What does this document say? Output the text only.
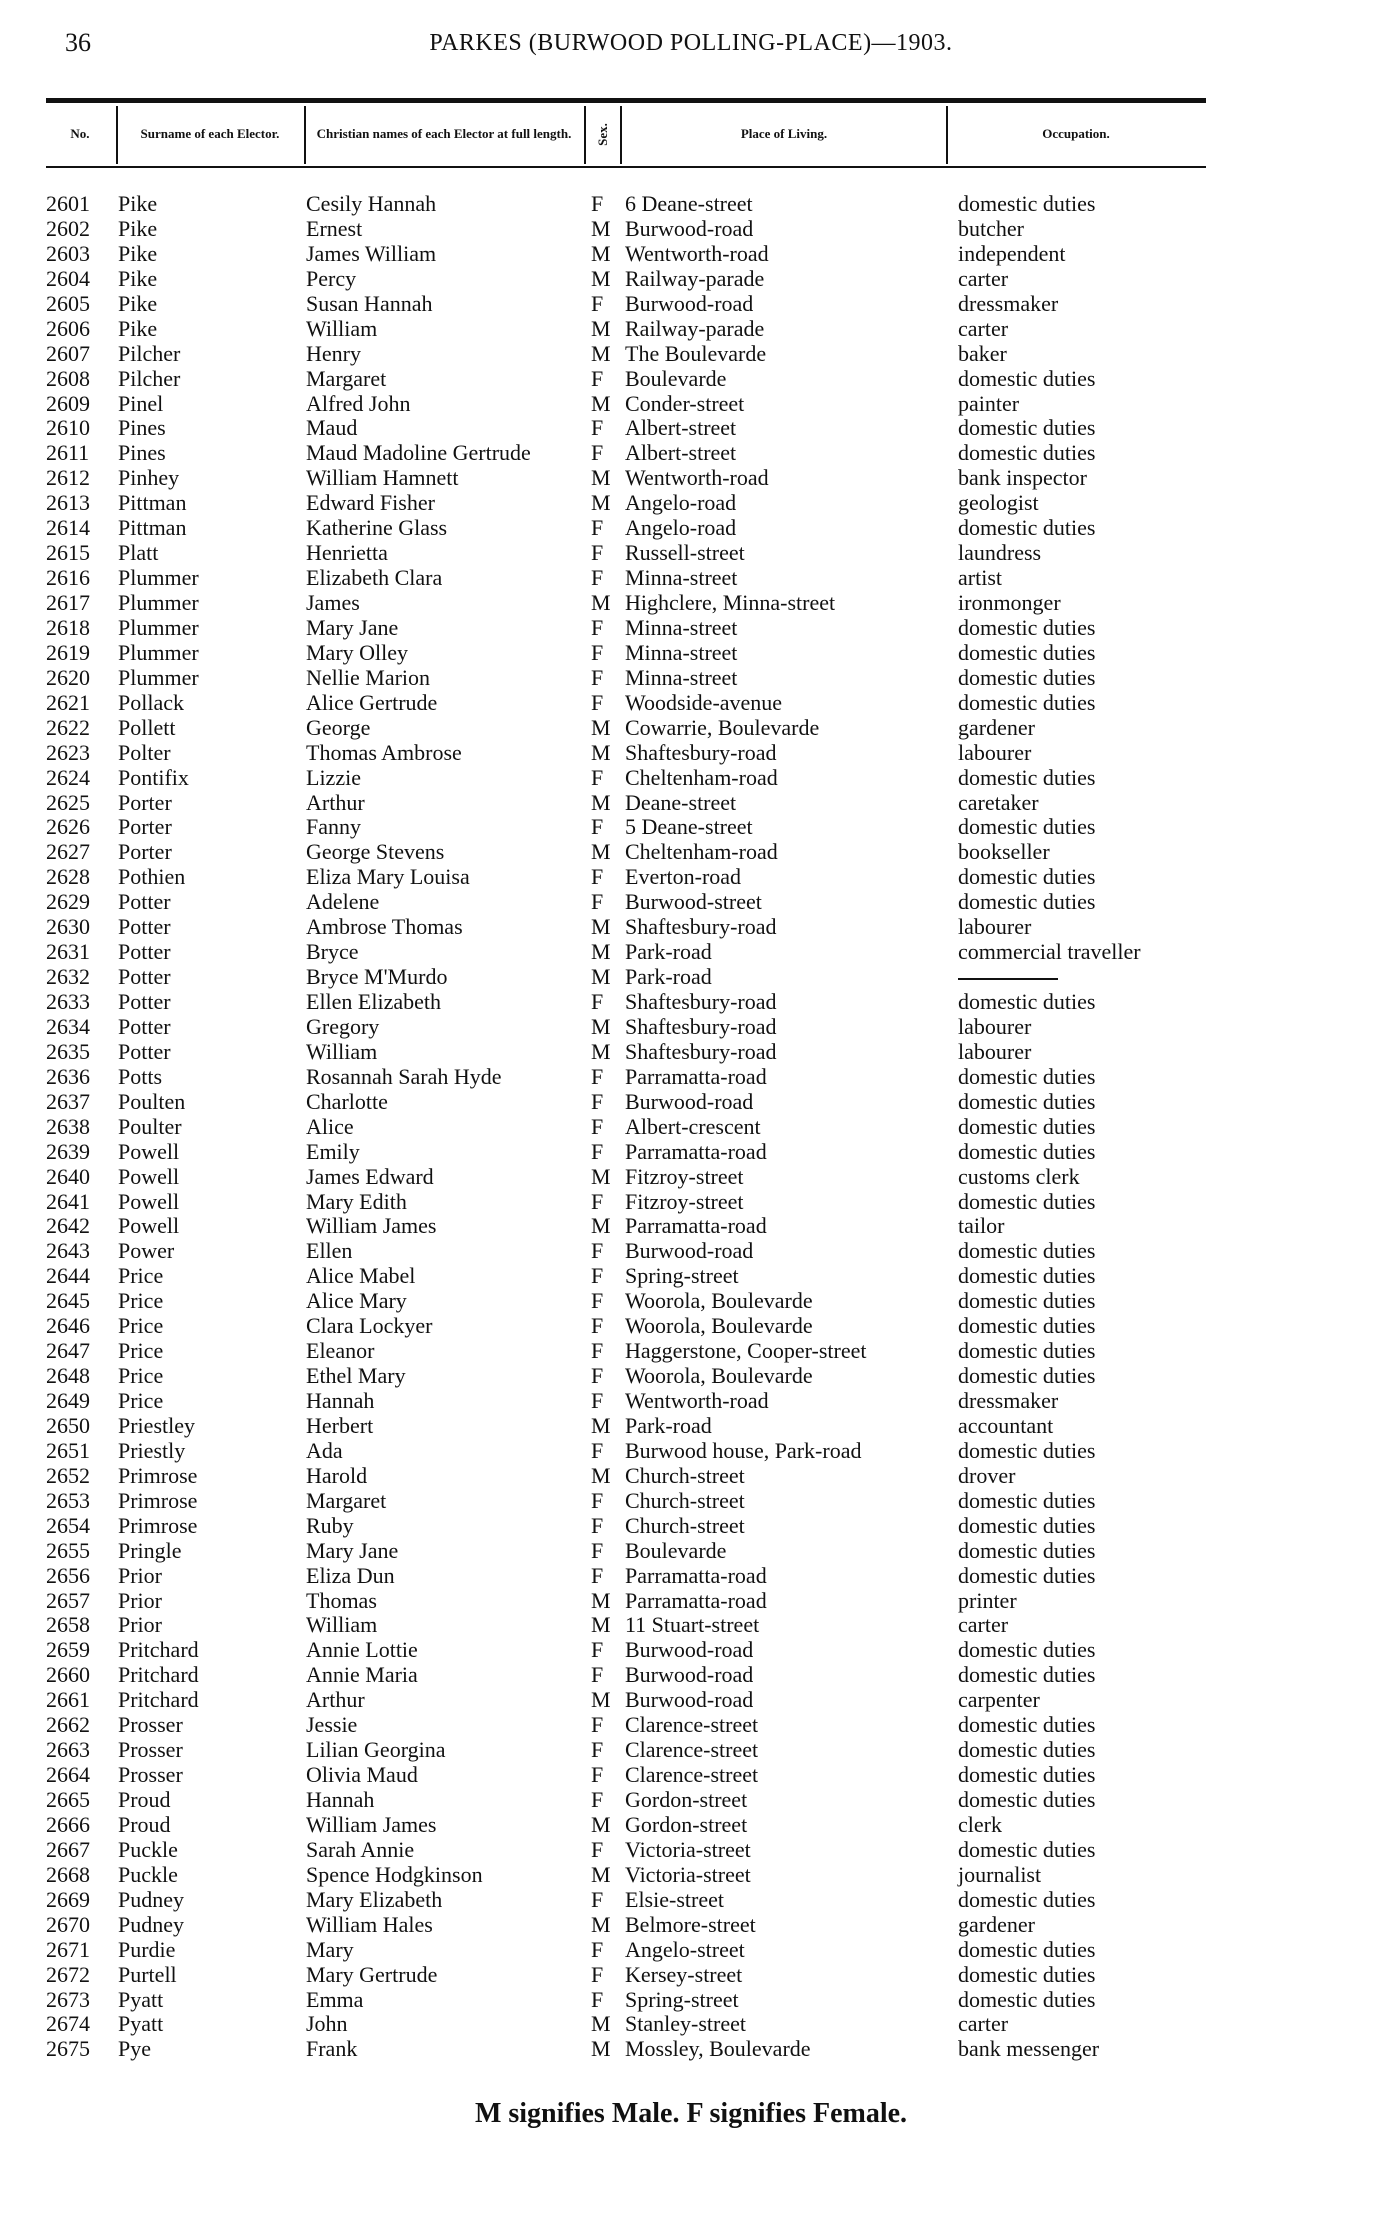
36	PARKES (BURWOOD POLLING-PLACE)—1903.
No.	Surname of each Elector.	Christian names of each Elector at full length.	Sex.	Place of Living.	Occupation.
2601 Pike	Cesily Hannah	F 6 Deane-street	domestic duties
2602 Pike	Ernest	M Burwood-road	butcher
2603 Pike	James William	M Wentworth-road	independent
2604 Pike	Percy	M Railway-parade	carter
2605 Pike	Susan Hannah	F Burwood-road	dressmaker
2606 Pike	William	M Railway-parade	carter
2607 Pilcher	Henry	M The Boulevarde	baker
2608 Pilcher	Margaret	F Boulevarde	domestic duties
2609 Pinel	Alfred John	M Conder-street	painter
2610 Pines	Maud	F Albert-street	domestic duties
2611 Pines	Maud Madoline Gertrude	F Albert-street	domestic duties
2612 Pinhey	William Hamnett	M Wentworth-road	bank inspector
2613 Pittman	Edward Fisher	M Angelo-road	geologist
2614 Pittman	Katherine Glass	F Angelo-road	domestic duties
2615 Platt	Henrietta	F Russell-street	laundress
2616 Plummer	Elizabeth Clara	F Minna-street	artist
2617 Plummer	James	M Highclere, Minna-street	ironmonger
2618 Plummer	Mary Jane	F Minna-street	domestic duties
2619 Plummer	Mary Olley	F Minna-street	domestic duties
2620 Plummer	Nellie Marion	F Minna-street	domestic duties
2621 Pollack	Alice Gertrude	F Woodside-avenue	domestic duties
2622 Pollett	George	M Cowarrie, Boulevarde	gardener
2623 Polter	Thomas Ambrose	M Shaftesbury-road	labourer
2624 Pontifix	Lizzie	F Cheltenham-road	domestic duties
2625 Porter	Arthur	M Deane-street	caretaker
2626 Porter	Fanny	F 5 Deane-street	domestic duties
2627 Porter	George Stevens	M Cheltenham-road	bookseller
2628 Pothien	Eliza Mary Louisa	F Everton-road	domestic duties
2629 Potter	Adelene	F Burwood-street	domestic duties
2630 Potter	Ambrose Thomas	M Shaftesbury-road	labourer
2631 Potter	Bryce	M Park-road	commercial traveller
2632 Potter	Bryce M'Murdo	M Park-road
2633 Potter	Ellen Elizabeth	F Shaftesbury-road	domestic duties
2634 Potter	Gregory	M Shaftesbury-road	labourer
2635 Potter	William	M Shaftesbury-road	labourer
2636 Potts	Rosannah Sarah Hyde	F Parramatta-road	domestic duties
2637 Poulten	Charlotte	F Burwood-road	domestic duties
2638 Poulter	Alice	F Albert-crescent	domestic duties
2639 Powell	Emily	F Parramatta-road	domestic duties
2640 Powell	James Edward	M Fitzroy-street	customs clerk
2641 Powell	Mary Edith	F Fitzroy-street	domestic duties
2642 Powell	William James	M Parramatta-road	tailor
2643 Power	Ellen	F Burwood-road	domestic duties
2644 Price	Alice Mabel	F Spring-street	domestic duties
2645 Price	Alice Mary	F Woorola, Boulevarde	domestic duties
2646 Price	Clara Lockyer	F Woorola, Boulevarde	domestic duties
2647 Price	Eleanor	F Haggerstone, Cooper-street	domestic duties
2648 Price	Ethel Mary	F Woorola, Boulevarde	domestic duties
2649 Price	Hannah	F Wentworth-road	dressmaker
2650 Priestley	Herbert	M Park-road	accountant
2651 Priestly	Ada	F Burwood house, Park-road	domestic duties
2652 Primrose	Harold	M Church-street	drover
2653 Primrose	Margaret	F Church-street	domestic duties
2654 Primrose	Ruby	F Church-street	domestic duties
2655 Pringle	Mary Jane	F Boulevarde	domestic duties
2656 Prior	Eliza Dun	F Parramatta-road	domestic duties
2657 Prior	Thomas	M Parramatta-road	printer
2658 Prior	William	M 11 Stuart-street	carter
2659 Pritchard	Annie Lottie	F Burwood-road	domestic duties
2660 Pritchard	Annie Maria	F Burwood-road	domestic duties
2661 Pritchard	Arthur	M Burwood-road	carpenter
2662 Prosser	Jessie	F Clarence-street	domestic duties
2663 Prosser	Lilian Georgina	F Clarence-street	domestic duties
2664 Prosser	Olivia Maud	F Clarence-street	domestic duties
2665 Proud	Hannah	F Gordon-street	domestic duties
2666 Proud	William James	M Gordon-street	clerk
2667 Puckle	Sarah Annie	F Victoria-street	domestic duties
2668 Puckle	Spence Hodgkinson	M Victoria-street	journalist
2669 Pudney	Mary Elizabeth	F Elsie-street	domestic duties
2670 Pudney	William Hales	M Belmore-street	gardener
2671 Purdie	Mary	F Angelo-street	domestic duties
2672 Purtell	Mary Gertrude	F Kersey-street	domestic duties
2673 Pyatt	Emma	F Spring-street	domestic duties
2674 Pyatt	John	M Stanley-street	carter
2675 Pye	Frank	M Mossley, Boulevarde	bank messenger
M signifies Male. F signifies Female.
